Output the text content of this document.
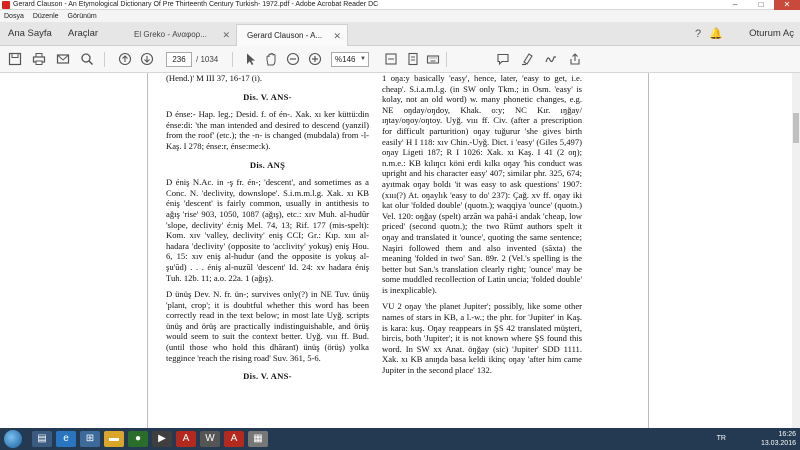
Gerard Clauson - An Etymological Dictionary Of Pre Thirteenth Century Turkish- 1972.pdf - Adobe Acrobat Reader DC	–	□	✕
Dosya Düzenle Görünüm
Ana Sayfa Araçlar	El Greko - Αναφορ... ✕	Gerard Clauson - A... ✕	? 🔔	Oturum Aç
236	/ 1034	%146 ▼

(Hend.)' M III 37, 16-17 (i).

Dis. V. ANS-

D énse:- Hap. leg.; Desid. f. of én-. Xak. xı ker küttü:din énse:di: 'the man intended and desired to descend (yanzil) from the roof' (etc.); the -n- is changed (mubdala) from -l- Kaş. I 278; énse:r, énse:me:k).

Dis. ANŞ

D éniş N.Ac. in -ş fr. én-; 'descent', and sometimes as a Conc. N. 'declivity, downslope'. S.i.m.m.l.g. Xak. xı KB éniş 'descent' is fairly common, usually in antithesis to ağış 'rise' 903, 1050, 1087 (ağış), etc.: xıv Muh. al-hudūr 'slope, declivity' é:niş Mel. 74, 13; Rif. 177 (mis-spelt): Kom. xıv 'valley, declivity' eniş CCI; Gr.: Kıp. xııı al-hadara 'declivity' (opposite to 'acclivity' yokuş) eniş Hou. 6, 15: xıv eniş al-hudur (and the opposite is yokuş al-şu'ūd) . . . éniş al-nuzūl 'descent' Id. 24: xv hadara éniş Tuh. 12b. 11; a.o. 22a. 1 (ağış).

D ünüş Dev. N. fr. ün-; survives only(?) in NE Tuv. ünüş 'plant, crop'; it is doubtful whether this word has been correctly read in the text below; in most late Uyğ. scripts ünüş and örüş are practically indistinguishable, and örüş would seem to suit the context better. Uyğ. vııı ff. Bud. (until those who hold this dhāranī) ünüş (örüş) yolka teggince 'reach the rising road' Suv. 361, 5-6.

Dis. V. ANS-

1 oŋa:y basically 'easy', hence, later, 'easy to get, i.e. cheap'. S.i.a.m.l.g. (in SW only Tkm.; in Osm. 'easy' is kolay, not an old word) w. many phonetic changes, e.g. NE oŋday/oŋdoy, Khak. o:y; NC Kır. ıŋğay/ıŋtay/oŋoy/oŋtoy. Uyğ. vııı ff. Civ. (after a prescription for difficult parturition) oŋay tuğurur 'she gives birth easily' H I 118: xıv Chin.-Uyğ. Dict. i 'easy' (Giles 5,497) oŋay Ligeti 187; R I 1026: Xak. xı Kaş. I 41 (2 oŋ); n.m.e.: KB kılıŋcı köni erdi kılkı oŋay 'his conduct was upright and his character easy' 407; similar phr. 325, 674; ayıtmak oŋay boldı 'it was easy to ask questions' 1907: (xııı(?) At. oŋaylık 'easy to do' 237): Çağ. xv ff. oŋay iki kat olur 'folded double' (quotn.); waqqiya 'ounce' (quotn.) Vel. 120: oŋğay (spelt) arzān wa pahā-i andak 'cheap, low priced' (second quotn.); the two Rūmī authors spelt it oŋay and translated it 'ounce', quoting the same sentence; Naşiri followed them and also invented (sāxta) the meaning 'folded in two' San. 89r. 2 (Vel.'s spelling is the better but San.'s translation clearly right; 'ounce' may be some muddled recollection of Latin uncia; 'folded double' is inexplicable).

VU 2 oŋay 'the planet Jupiter'; possibly, like some other names of stars in KB, a l.-w.; the phr. for 'Jupiter' in Kaş. is kara: kuş. Oŋay reappears in ŞS 42 translated müşteri, bircis, both 'Jupiter'; it is not known where ŞS found this word. In SW xx Anat. öŋğay (sic) 'Jupiter' SDD 1111. Xak. xı KB anıŋda basa keldi ikinç oŋay 'after him came Jupiter in the second place' 132.

▤	e	⊞	▬	●	▶	A	W	A	▦	TR
16:26
13.03.2016
